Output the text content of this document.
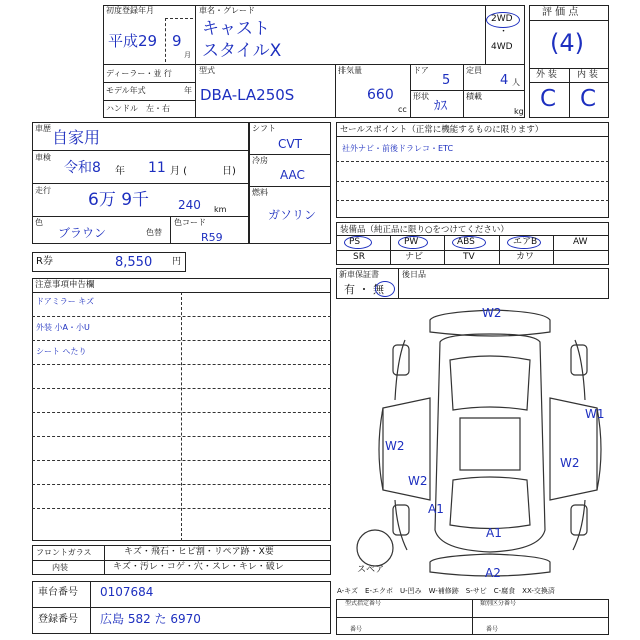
初度登録年月
平成29 9
月
車名・グレード
キャスト
スタイルX
2WD
・
4WD
ディーラー・並 行
モデル年式	年
ハンドル　左・右
型式
DBA-LA250S
排気量
660
cc
ドア
5
定員
4 人
形状
ｶｽ
積載
kg
評 価 点
(4)
外 装 内 装
C C
車歴 自家用
車検
令和8 年 11 月 (	日)
走行 6万 9千 240 km
色
ブラウン	色替
色コード
R59
シフト
CVT
冷房
AAC
燃料
ガソリン
R券	8,550 円
セールスポイント（正常に機能するものに限ります）
社外ナビ・前後ドラレコ・ETC
装備品（純正品に限り○をつけてください）
PS	PW	ABS	エアB	AW
SR	ナビ	TV	カワ
新車保証書
有 ・ 無
後日品
注意事項申告欄
ドアミラー キズ
外装 小A・小U
シート へたり
フロントガラス	キズ・飛石・ヒビ割・リペア跡・X要
内装	キズ・汚レ・コゲ・穴・スレ・キレ・破レ
車台番号 0107684
登録番号 広島 582 た 6970
W2
W1
W2
W2
W2
A1
A1
A2
スペア
A-キズ　E-エクボ　U-凹み　W-補修跡　S-サビ　C-腐食　XX-交換済
型式指定番号	類別区分番号
番号	番号
